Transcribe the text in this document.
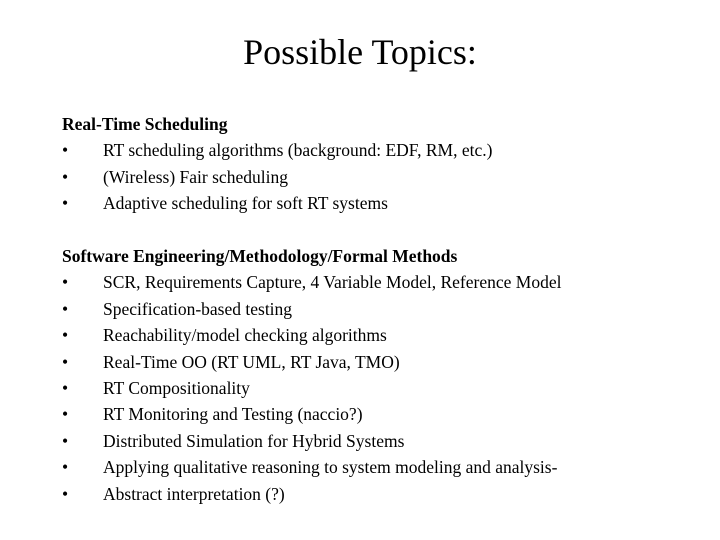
Possible Topics:
Real-Time Scheduling
• RT scheduling algorithms (background: EDF, RM, etc.)
• (Wireless) Fair scheduling
• Adaptive scheduling for soft RT systems
Software Engineering/Methodology/Formal Methods
• SCR, Requirements Capture, 4 Variable Model, Reference Model
• Specification-based testing
• Reachability/model checking algorithms
• Real-Time OO (RT UML, RT Java, TMO)
• RT Compositionality
• RT Monitoring and Testing (naccio?)
• Distributed Simulation for Hybrid Systems
• Applying qualitative reasoning to system modeling and analysis-
• Abstract interpretation (?)
